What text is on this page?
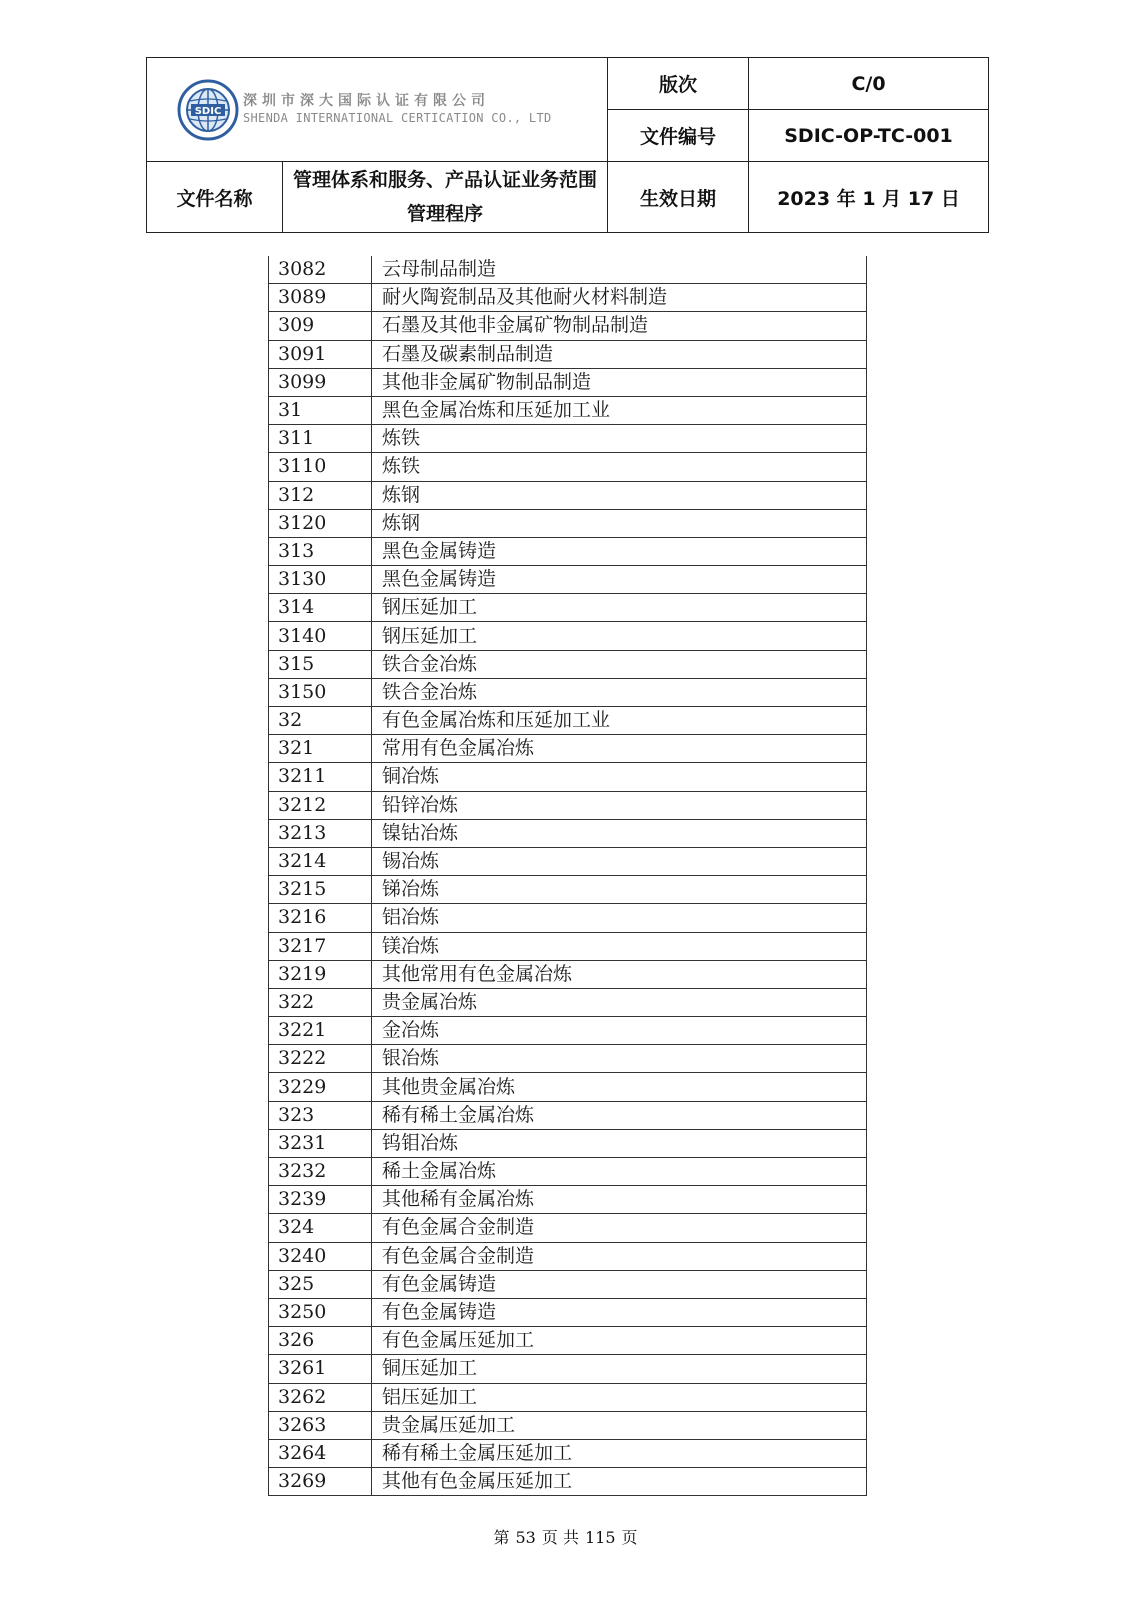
SDIC
深圳市深大国际认证有限公司
SHENDA INTERNATIONAL CERTICATION CO., LTD		版次	C/0
		文件编号	SDIC-OP-TC-001
文件名称	管理体系和服务、产品认证业务范围管理程序	生效日期	2023 年 1 月 17 日
3082	云母制品制造
3089	耐火陶瓷制品及其他耐火材料制造
309	石墨及其他非金属矿物制品制造
3091	石墨及碳素制品制造
3099	其他非金属矿物制品制造
31	黑色金属冶炼和压延加工业
311	炼铁
3110	炼铁
312	炼钢
3120	炼钢
313	黑色金属铸造
3130	黑色金属铸造
314	钢压延加工
3140	钢压延加工
315	铁合金冶炼
3150	铁合金冶炼
32	有色金属冶炼和压延加工业
321	常用有色金属冶炼
3211	铜冶炼
3212	铅锌冶炼
3213	镍钴冶炼
3214	锡冶炼
3215	锑冶炼
3216	铝冶炼
3217	镁冶炼
3219	其他常用有色金属冶炼
322	贵金属冶炼
3221	金冶炼
3222	银冶炼
3229	其他贵金属冶炼
323	稀有稀土金属冶炼
3231	钨钼冶炼
3232	稀土金属冶炼
3239	其他稀有金属冶炼
324	有色金属合金制造
3240	有色金属合金制造
325	有色金属铸造
3250	有色金属铸造
326	有色金属压延加工
3261	铜压延加工
3262	铝压延加工
3263	贵金属压延加工
3264	稀有稀土金属压延加工
3269	其他有色金属压延加工
第 53 页 共 115 页
